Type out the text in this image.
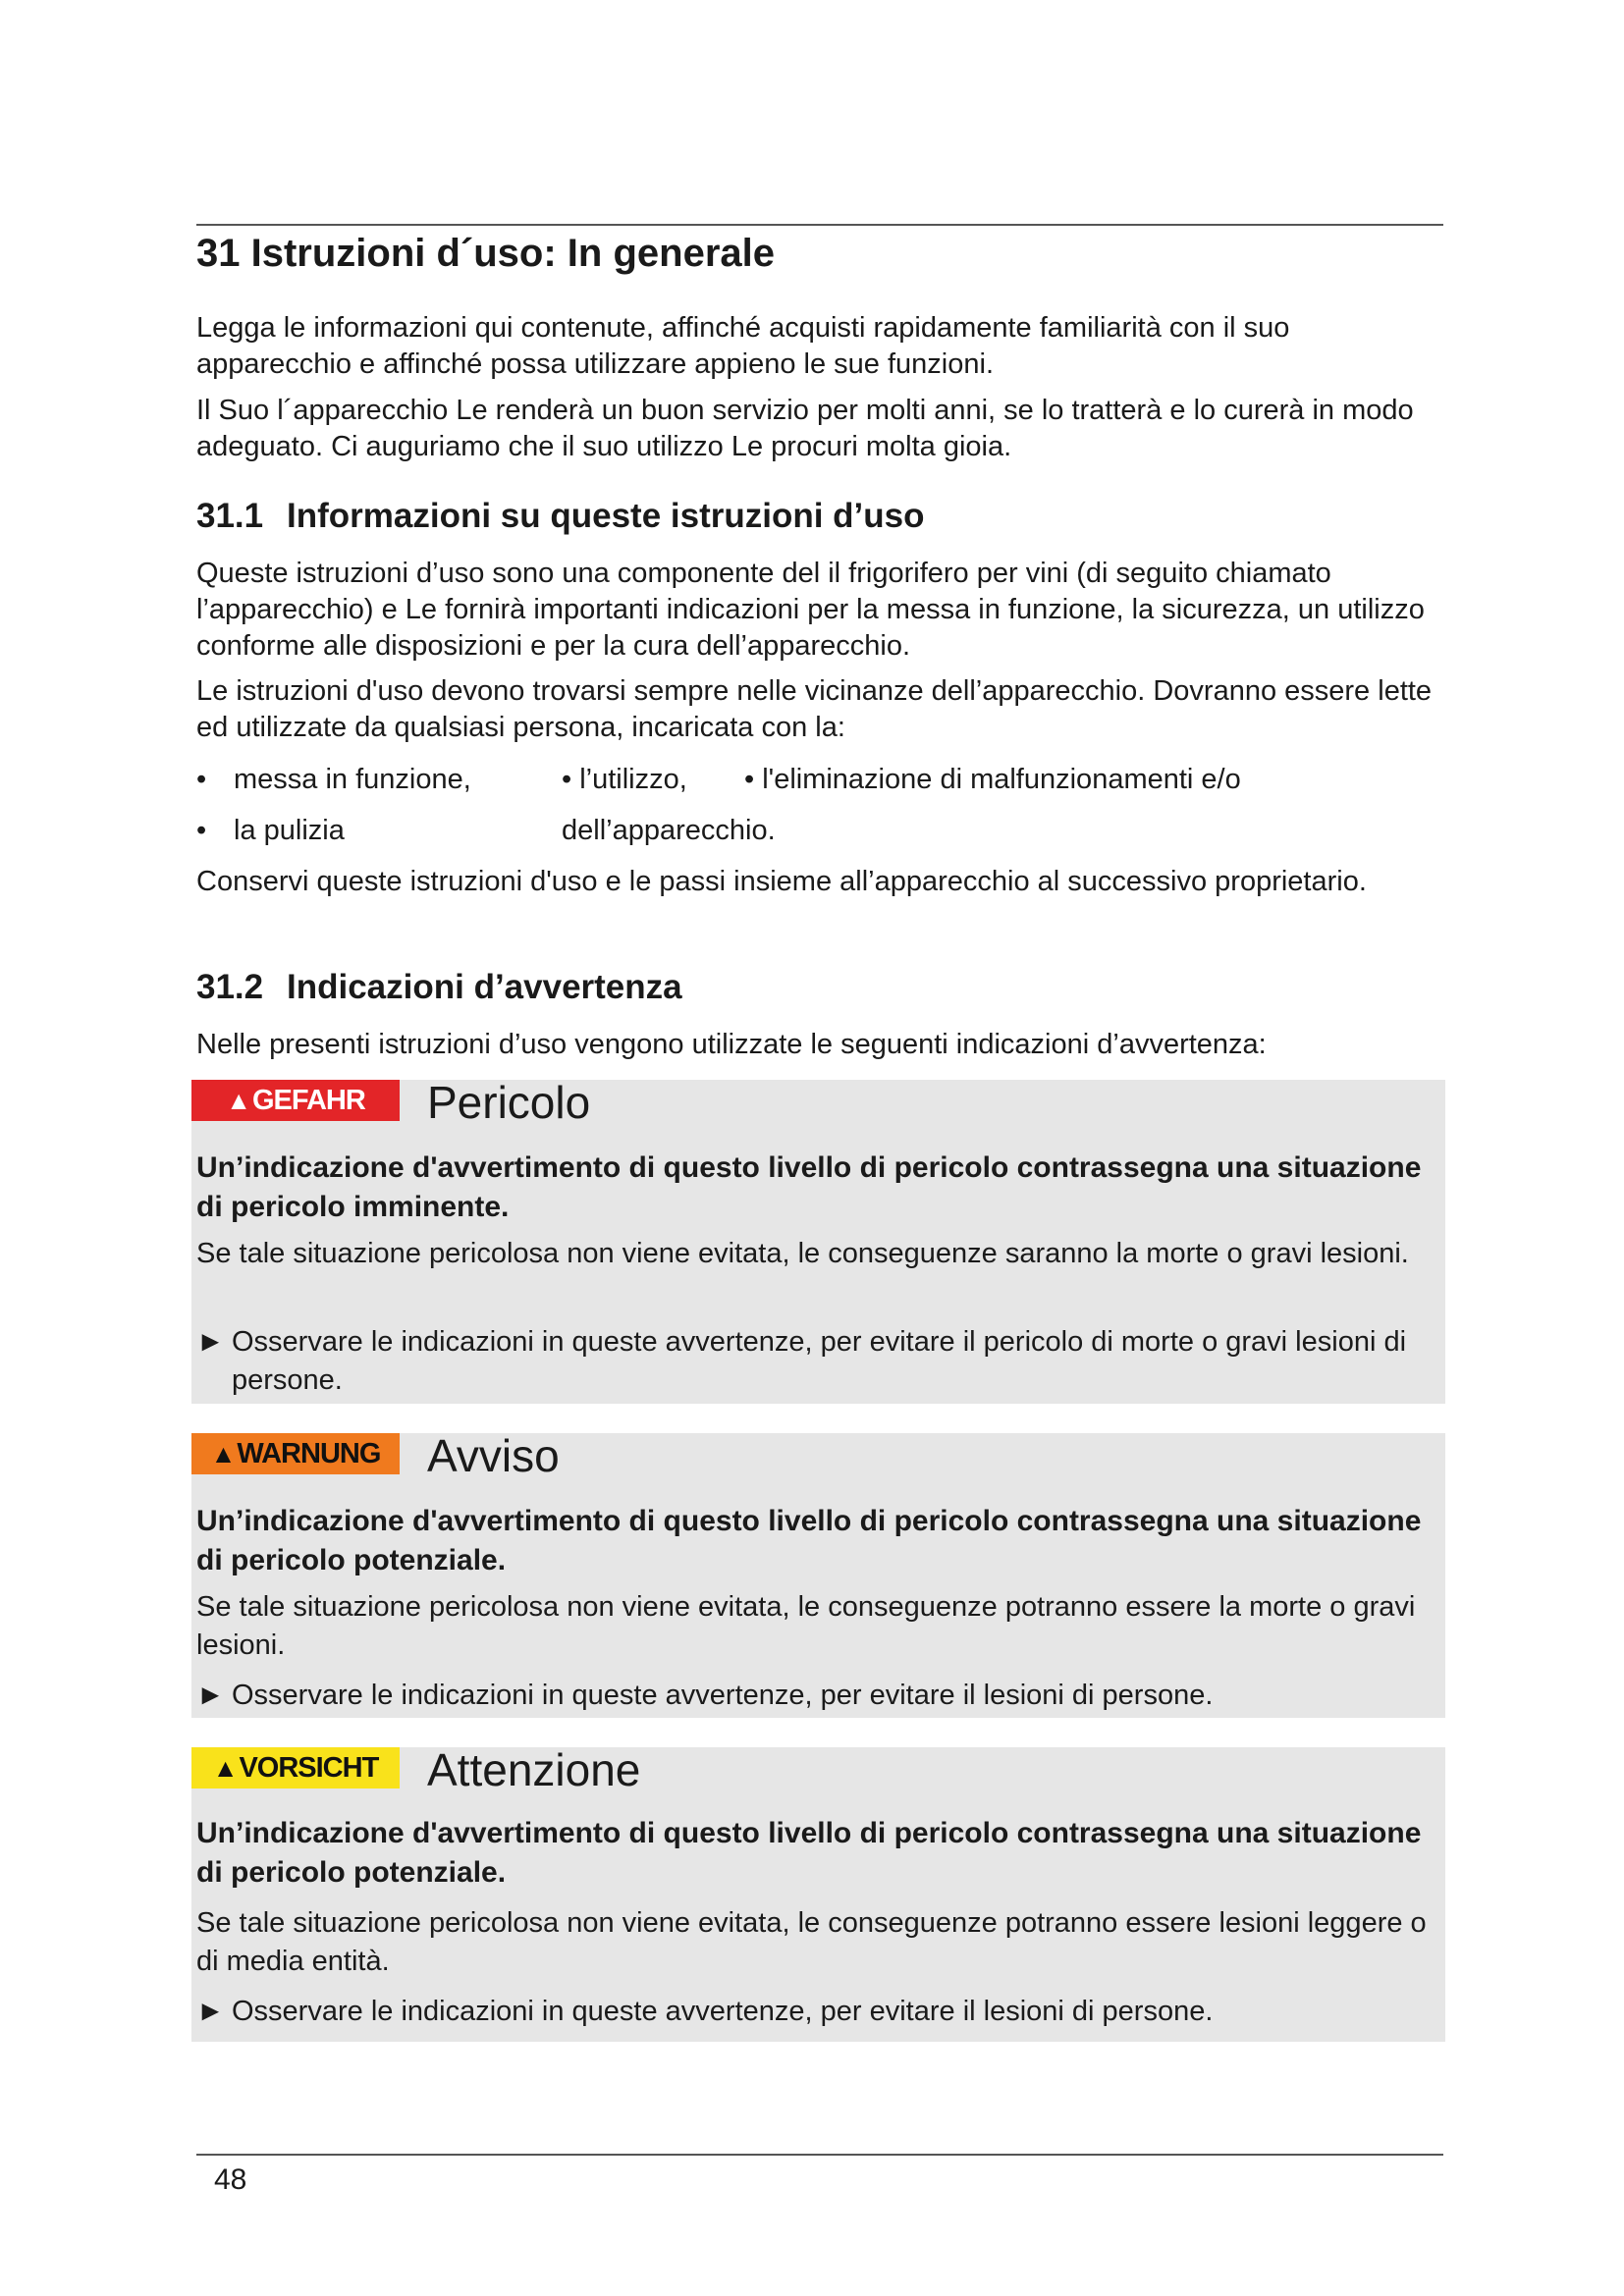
31 Istruzioni d´uso: In generale

Legga le informazioni qui contenute, affinché acquisti rapidamente familiarità con il suo apparecchio e affinché possa utilizzare appieno le sue funzioni.

Il Suo l´apparecchio Le renderà un buon servizio per molti anni, se lo tratterà e lo curerà in modo adeguato. Ci auguriamo che il suo utilizzo Le procuri molta gioia.

31.1 Informazioni su queste istruzioni d’uso

Queste istruzioni d’uso sono una componente del il frigorifero per vini (di seguito chiamato l’apparecchio) e Le fornirà importanti indicazioni per la messa in funzione, la sicurezza, un utilizzo conforme alle disposizioni e per la cura dell’apparecchio.

Le istruzioni d'uso devono trovarsi sempre nelle vicinanze dell’apparecchio. Dovranno essere lette ed utilizzate da qualsiasi persona, incaricata con la:

• messa in funzione,	• l’utilizzo, • l'eliminazione di malfunzionamenti e/o
• la pulizia	dell’apparecchio.

Conservi queste istruzioni d'uso e le passi insieme all’apparecchio al successivo proprietario.

31.2 Indicazioni d’avvertenza

Nelle presenti istruzioni d’uso vengono utilizzate le seguenti indicazioni d’avvertenza:

▲ GEFAHR Pericolo
Un’indicazione d'avvertimento di questo livello di pericolo contrassegna una situazione di pericolo imminente.
Se tale situazione pericolosa non viene evitata, le conseguenze saranno la morte o gravi lesioni.
► Osservare le indicazioni in queste avvertenze, per evitare il pericolo di morte o gravi lesioni di persone.
▲ WARNUNG Avviso
Un’indicazione d'avvertimento di questo livello di pericolo contrassegna una situazione di pericolo potenziale.
Se tale situazione pericolosa non viene evitata, le conseguenze potranno essere la morte o gravi lesioni.
► Osservare le indicazioni in queste avvertenze, per evitare il lesioni di persone.
▲ VORSICHT Attenzione
Un’indicazione d'avvertimento di questo livello di pericolo contrassegna una situazione di pericolo potenziale.
Se tale situazione pericolosa non viene evitata, le conseguenze potranno essere lesioni leggere o di media entità.
► Osservare le indicazioni in queste avvertenze, per evitare il lesioni di persone.
48
